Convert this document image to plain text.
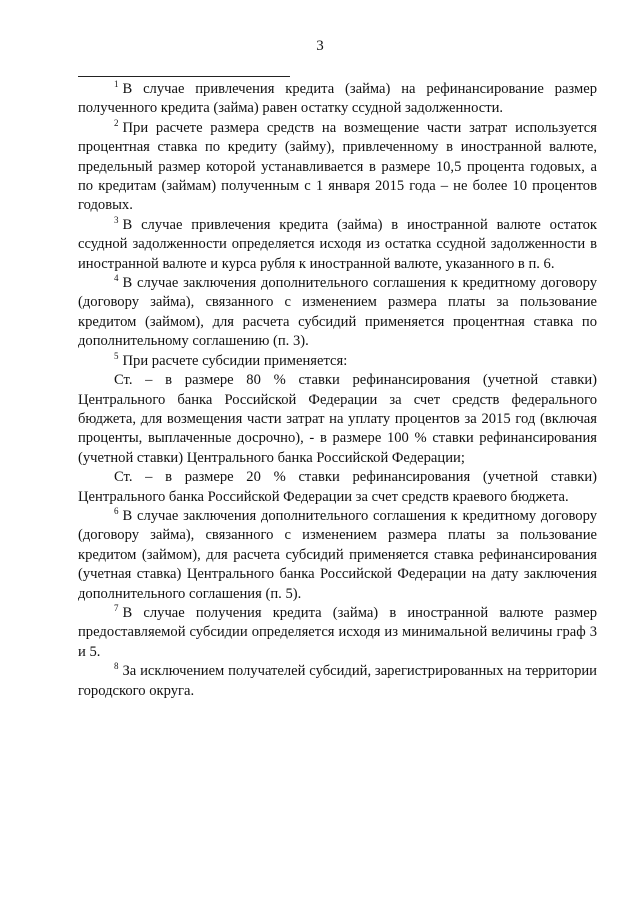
3

$^1$ В случае привлечения кредита (займа) на рефинансирование размер полученного кредита (займа) равен остатку ссудной задолженности.

$^2$ При расчете размера средств на возмещение части затрат используется процентная ставка по кредиту (займу), привлеченному в иностранной валюте, предельный размер которой устанавливается в размере 10,5 процента годовых, а по кредитам (займам) полученным с 1 января 2015 года – не более 10 процентов годовых.

$^3$ В случае привлечения кредита (займа) в иностранной валюте остаток ссудной задолженности определяется исходя из остатка ссудной задолженности в иностранной валюте и курса рубля к иностранной валюте, указанного в п. 6.

$^4$ В случае заключения дополнительного соглашения к кредитному договору (договору займа), связанного с изменением размера платы за пользование кредитом (займом), для расчета субсидий применяется процентная ставка по дополнительному соглашению (п. 3).

$^5$ При расчете субсидии применяется:

Ст. – в размере 80 % ставки рефинансирования (учетной ставки) Центрального банка Российской Федерации за счет средств федерального бюджета, для возмещения части затрат на уплату процентов за 2015 год (включая проценты, выплаченные досрочно), - в размере 100 % ставки рефинансирования (учетной ставки) Центрального банка Российской Федерации;

Ст. – в размере 20 % ставки рефинансирования (учетной ставки) Центрального банка Российской Федерации за счет средств краевого бюджета.

$^6$ В случае заключения дополнительного соглашения к кредитному договору (договору займа), связанного с изменением размера платы за пользование кредитом (займом), для расчета субсидий применяется ставка рефинансирования (учетная ставка) Центрального банка Российской Федерации на дату заключения дополнительного соглашения (п. 5).

$^7$ В случае получения кредита (займа) в иностранной валюте размер предоставляемой субсидии определяется исходя из минимальной величины граф 3 и 5.

$^8$ За исключением получателей субсидий, зарегистрированных на территории городского округа.
